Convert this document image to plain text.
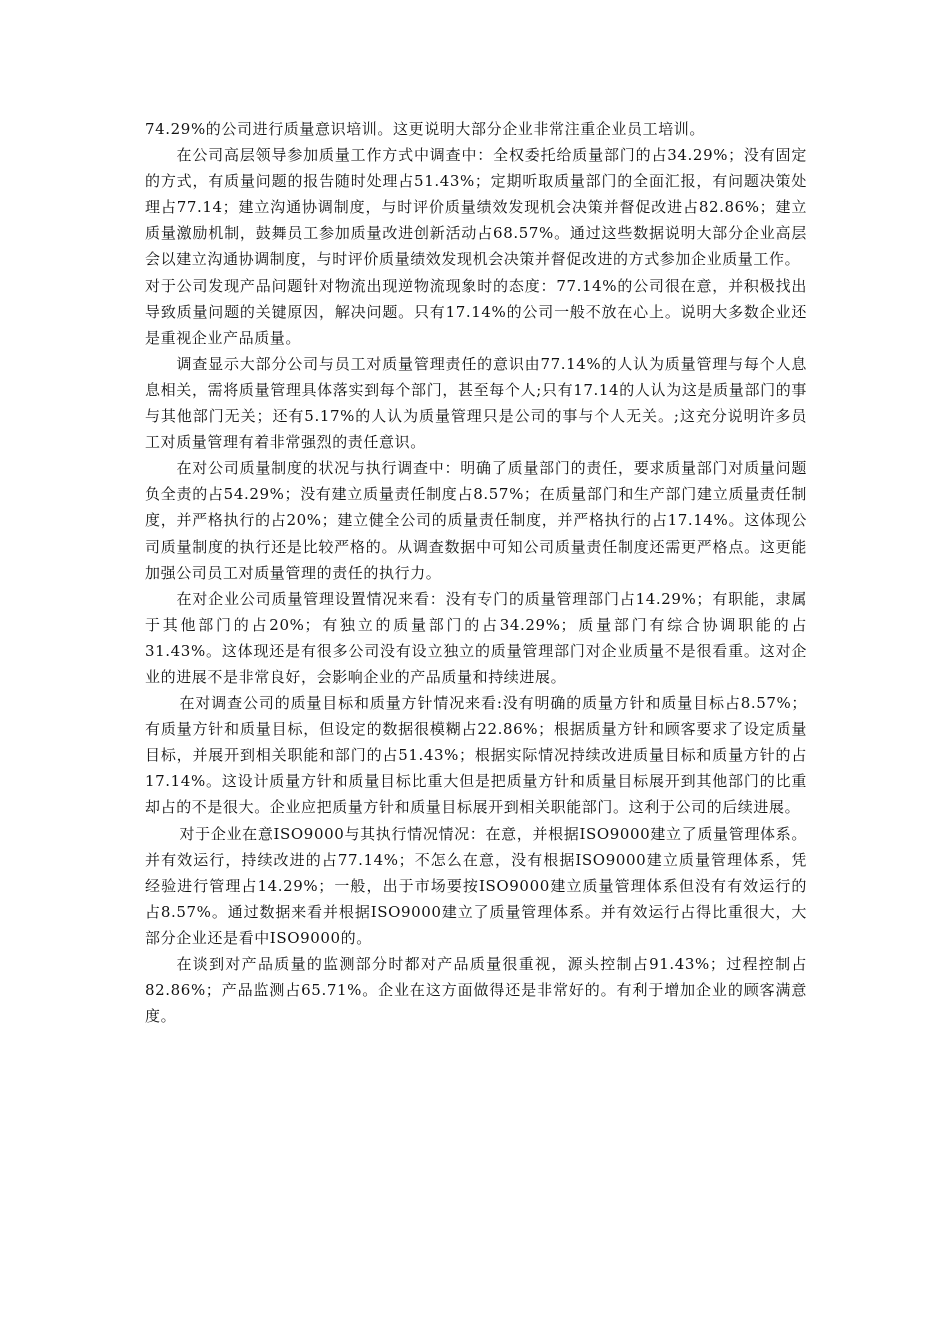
74.29%的公司进行质量意识培训。这更说明大部分企业非常注重企业员工培训。

在公司高层领导参加质量工作方式中调查中：全权委托给质量部门的占34.29%；没有固定的方式，有质量问题的报告随时处理占51.43%；定期听取质量部门的全面汇报，有问题决策处理占77.14；建立沟通协调制度，与时评价质量绩效发现机会决策并督促改进占82.86%；建立质量激励机制，鼓舞员工参加质量改进创新活动占68.57%。通过这些数据说明大部分企业高层会以建立沟通协调制度，与时评价质量绩效发现机会决策并督促改进的方式参加企业质量工作。

对于公司发现产品问题针对物流出现逆物流现象时的态度：77.14%的公司很在意，并积极找出导致质量问题的关键原因，解决问题。只有17.14%的公司一般不放在心上。说明大多数企业还是重视企业产品质量。

调查显示大部分公司与员工对质量管理责任的意识由77.14%的人认为质量管理与每个人息息相关，需将质量管理具体落实到每个部门，甚至每个人;只有17.14的人认为这是质量部门的事与其他部门无关；还有5.17%的人认为质量管理只是公司的事与个人无关。;这充分说明许多员工对质量管理有着非常强烈的责任意识。

在对公司质量制度的状况与执行调查中：明确了质量部门的责任，要求质量部门对质量问题负全责的占54.29%；没有建立质量责任制度占8.57%；在质量部门和生产部门建立质量责任制度，并严格执行的占20%；建立健全公司的质量责任制度，并严格执行的占17.14%。这体现公司质量制度的执行还是比较严格的。从调查数据中可知公司质量责任制度还需更严格点。这更能加强公司员工对质量管理的责任的执行力。

在对企业公司质量管理设置情况来看：没有专门的质量管理部门占14.29%；有职能，隶属于其他部门的占20%；有独立的质量部门的占34.29%；质量部门有综合协调职能的占31.43%。这体现还是有很多公司没有设立独立的质量管理部门对企业质量不是很看重。这对企业的进展不是非常良好，会影响企业的产品质量和持续进展。

在对调查公司的质量目标和质量方针情况来看:没有明确的质量方针和质量目标占8.57%；有质量方针和质量目标，但设定的数据很模糊占22.86%；根据质量方针和顾客要求了设定质量目标，并展开到相关职能和部门的占51.43%；根据实际情况持续改进质量目标和质量方针的占17.14%。这设计质量方针和质量目标比重大但是把质量方针和质量目标展开到其他部门的比重却占的不是很大。企业应把质量方针和质量目标展开到相关职能部门。这利于公司的后续进展。

对于企业在意ISO9000与其执行情况情况：在意，并根据ISO9000建立了质量管理体系。并有效运行，持续改进的占77.14%；不怎么在意，没有根据ISO9000建立质量管理体系，凭经验进行管理占14.29%；一般，出于市场要按ISO9000建立质量管理体系但没有有效运行的占8.57%。通过数据来看并根据ISO9000建立了质量管理体系。并有效运行占得比重很大，大部分企业还是看中ISO9000的。

在谈到对产品质量的监测部分时都对产品质量很重视，源头控制占91.43%；过程控制占82.86%；产品监测占65.71%。企业在这方面做得还是非常好的。有利于增加企业的顾客满意度。
